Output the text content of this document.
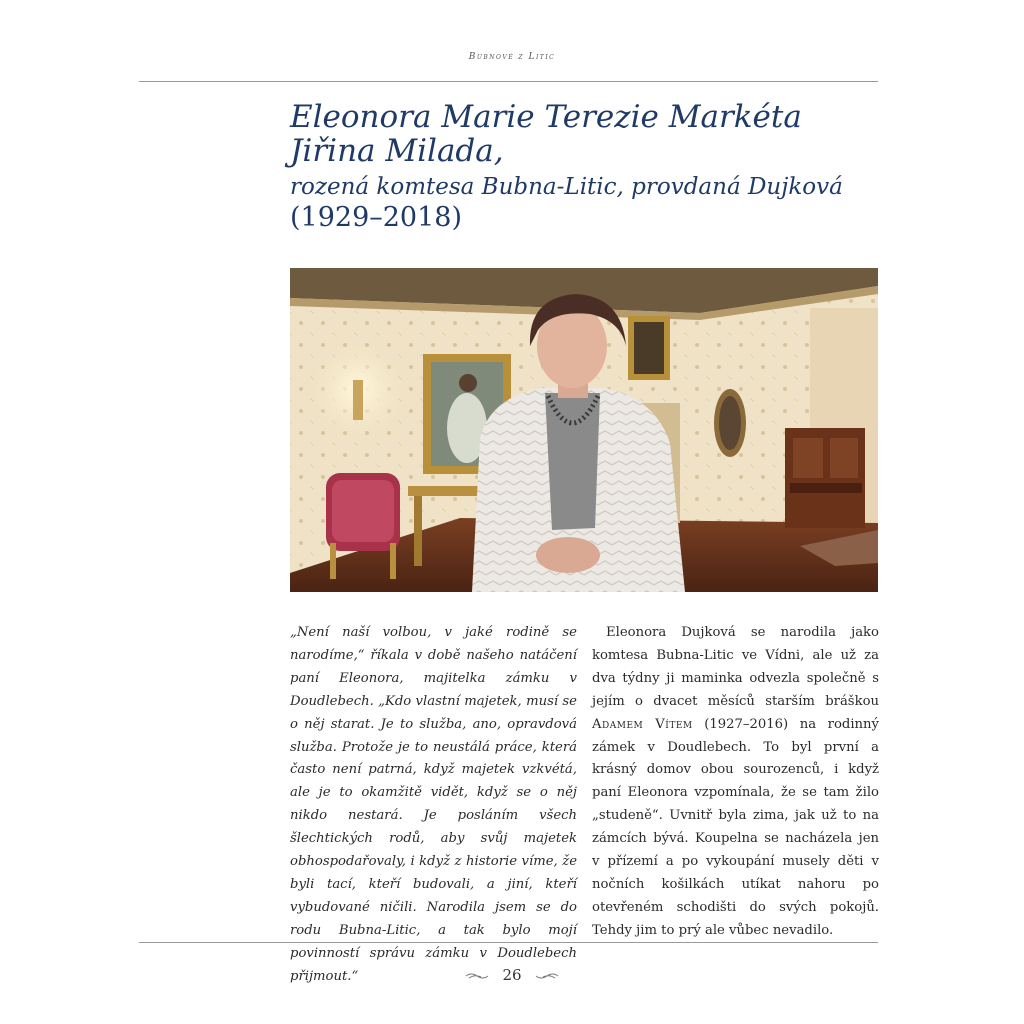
Bubnové z Litic

Eleonora Marie Terezie Markéta

Jiřina Milada,

rozená komtesa Bubna-Litic, provdaná Dujková

(1929–2018)

„Není naší volbou, v jaké rodině se narodíme,“ říkala v době našeho natáčení paní Eleonora, majitelka zámku v Doudlebech. „Kdo vlastní majetek, musí se o něj starat. Je to služba, ano, opravdová služba. Protože je to neustálá práce, která často není patrná, když majetek vzkvétá, ale je to okamžitě vidět, když se o něj nikdo nestará. Je posláním všech šlechtických rodů, aby svůj majetek obhospodařovaly, i když z historie víme, že byli tací, kteří budovali, a jiní, kteří vybudované ničili. Narodila jsem se do rodu Bubna-Litic, a tak bylo mojí povinností správu zámku v Doudlebech přijmout.“

Eleonora Dujková se narodila jako komtesa Bubna-Litic ve Vídni, ale už za dva týdny ji maminka odvezla společně s jejím o dvacet měsíců starším bráškou Adamem Vítem (1927–2016) na rodinný zámek v Doudlebech. To byl první a krásný domov obou sourozenců, i když paní Eleonora vzpomínala, že se tam žilo „studeně“. Uvnitř byla zima, jak už to na zámcích bývá. Koupelna se nacházela jen v přízemí a po vykoupání musely děti v nočních košilkách utíkat nahoru po otevřeném schodišti do svých pokojů. Tehdy jim to prý ale vůbec nevadilo.

26
